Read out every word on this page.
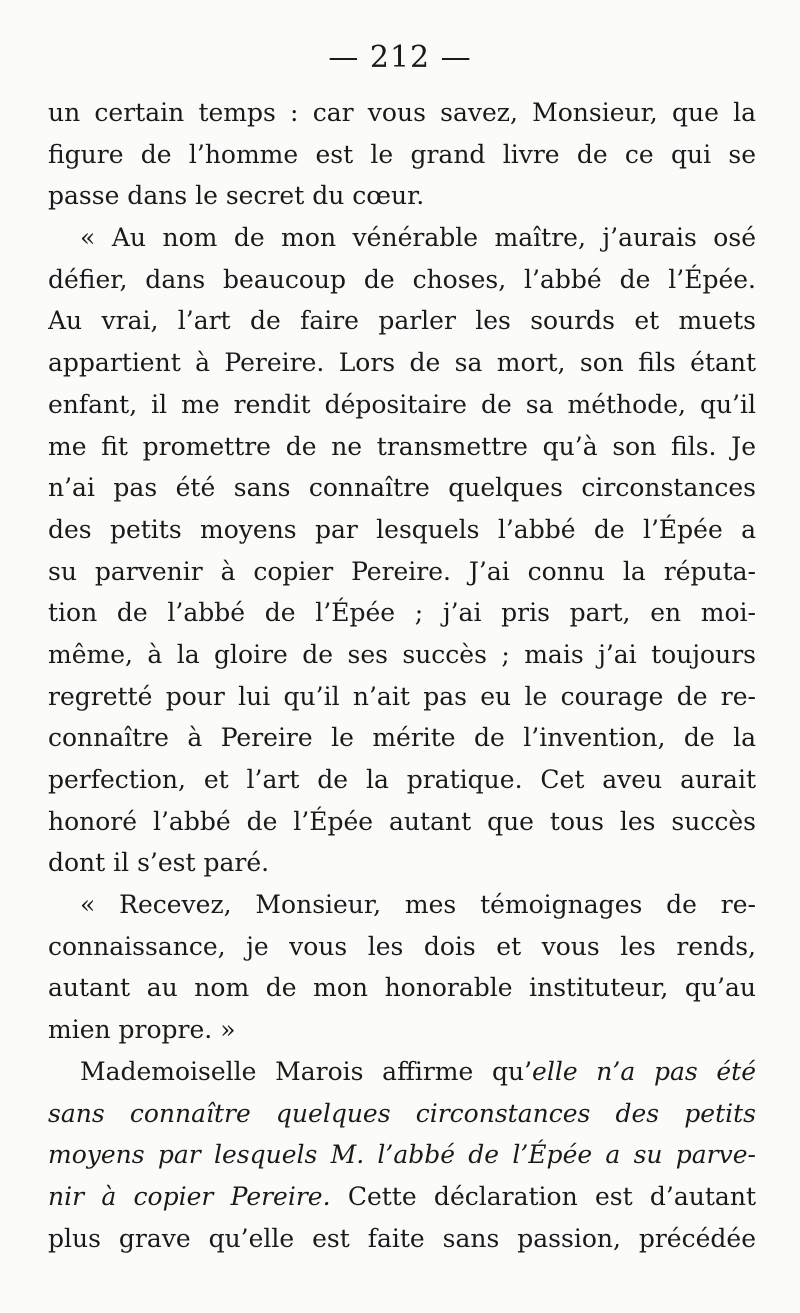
— 212 —
un certain temps : car vous savez, Monsieur, que la
figure de l’homme est le grand livre de ce qui se
passe dans le secret du cœur.
« Au nom de mon vénérable maître, j’aurais osé
défier, dans beaucoup de choses, l’abbé de l’Épée.
Au vrai, l’art de faire parler les sourds et muets
appartient à Pereire. Lors de sa mort, son fils étant
enfant, il me rendit dépositaire de sa méthode, qu’il
me fit promettre de ne transmettre qu’à son fils. Je
n’ai pas été sans connaître quelques circonstances
des petits moyens par lesquels l’abbé de l’Épée a
su parvenir à copier Pereire. J’ai connu la réputa-
tion de l’abbé de l’Épée ; j’ai pris part, en moi-
même, à la gloire de ses succès ; mais j’ai toujours
regretté pour lui qu’il n’ait pas eu le courage de re-
connaître à Pereire le mérite de l’invention, de la
perfection, et l’art de la pratique. Cet aveu aurait
honoré l’abbé de l’Épée autant que tous les succès
dont il s’est paré.
« Recevez, Monsieur, mes témoignages de re-
connaissance, je vous les dois et vous les rends,
autant au nom de mon honorable instituteur, qu’au
mien propre. »
Mademoiselle Marois affirme qu’elle n’a pas été
sans connaître quelques circonstances des petits
moyens par lesquels M. l’abbé de l’Épée a su parve-
nir à copier Pereire. Cette déclaration est d’autant
plus grave qu’elle est faite sans passion, précédée
